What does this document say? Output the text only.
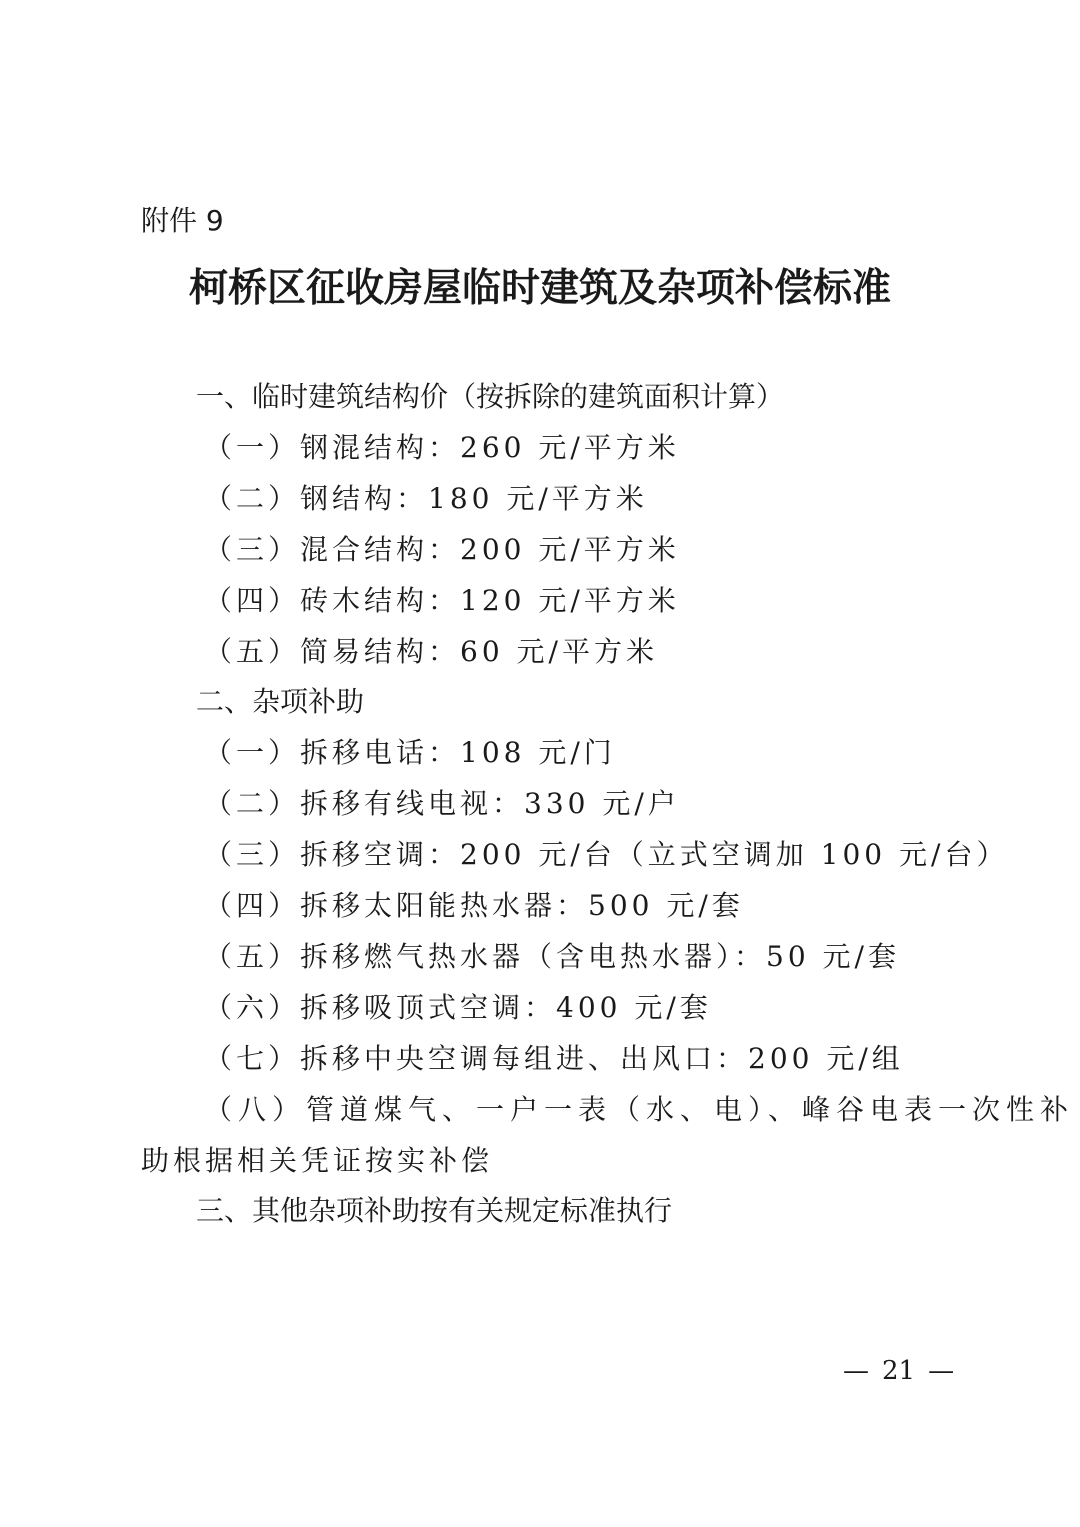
附件 9
柯桥区征收房屋临时建筑及杂项补偿标准
一、临时建筑结构价（按拆除的建筑面积计算）
（一）钢混结构：260 元/平方米
（二）钢结构：180 元/平方米
（三）混合结构：200 元/平方米
（四）砖木结构：120 元/平方米
（五）简易结构：60 元/平方米
二、杂项补助
（一）拆移电话：108 元/门
（二）拆移有线电视：330 元/户
（三）拆移空调：200 元/台（立式空调加 100 元/台）
（四）拆移太阳能热水器：500 元/套
（五）拆移燃气热水器（含电热水器）：50 元/套
（六）拆移吸顶式空调：400 元/套
（七）拆移中央空调每组进、出风口：200 元/组
（八）管道煤气、一户一表（水、电）、峰谷电表一次性补
助根据相关凭证按实补偿
三、其他杂项补助按有关规定标准执行
— 21 —
